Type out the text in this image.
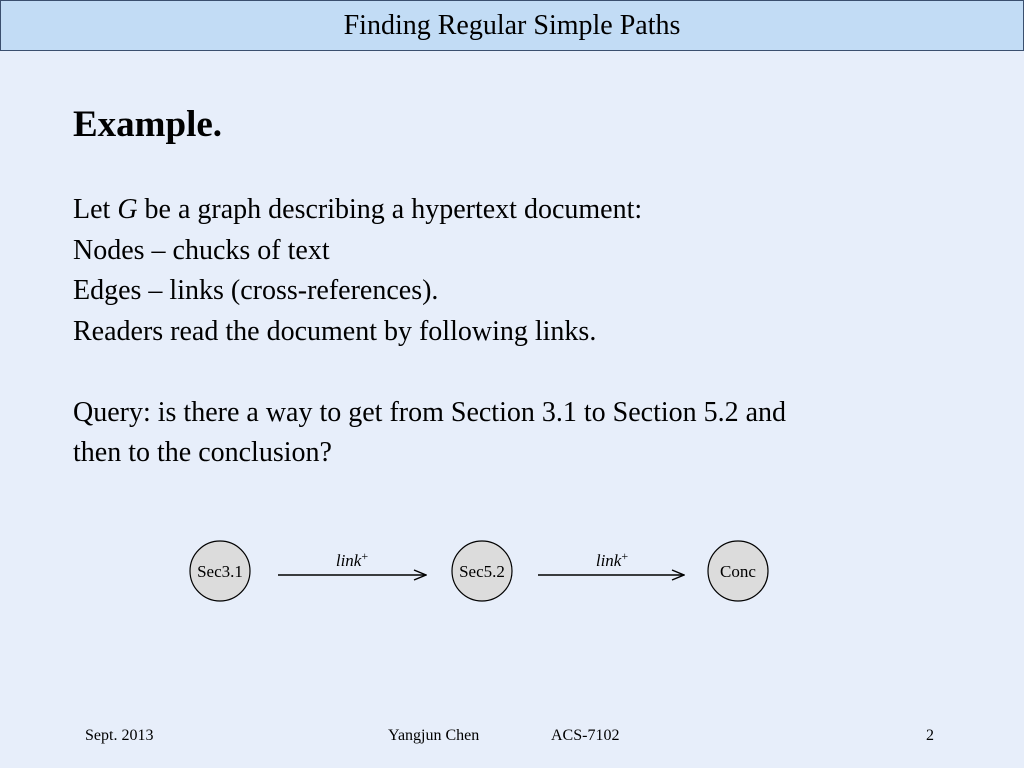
Finding Regular Simple Paths
Example.
Let G be a graph describing a hypertext document:
Nodes – chucks of text
Edges – links (cross-references).
Readers read the document by following links.
Query: is there a way to get from Section 3.1 to Section 5.2 and
then to the conclusion?
Sec3.1	Sec5.2	Conc
link+	link+
Sept. 2013	Yangjun Chen	ACS-7102	2
